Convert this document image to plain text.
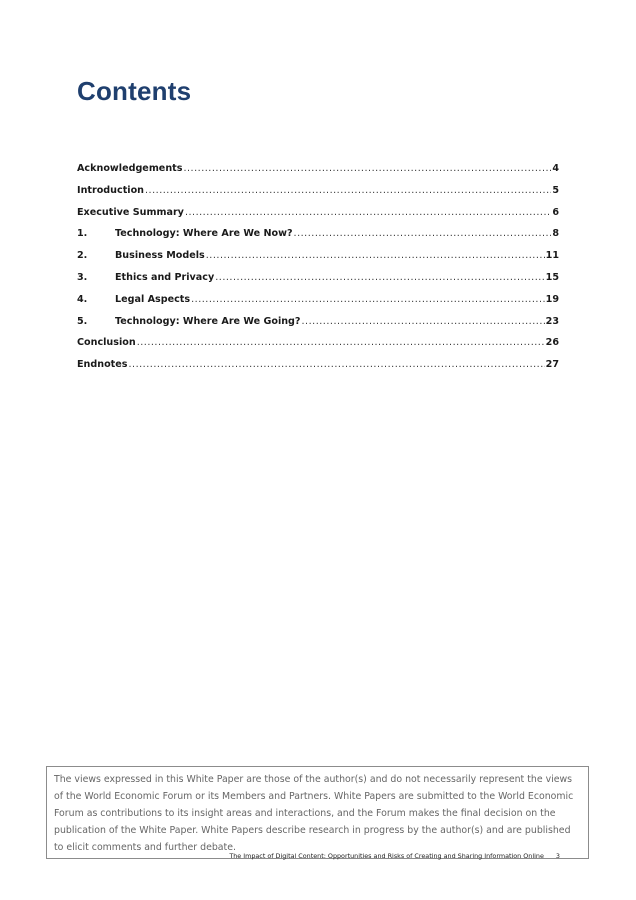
Contents
Acknowledgements .....	4
Introduction .....	5
Executive Summary .....	6
1.	Technology: Where Are We Now? .....	8
2.	Business Models .....	11
3.	Ethics and Privacy .....	15
4.	Legal Aspects .....	19
5.	Technology: Where Are We Going? .....	23
Conclusion .....	26
Endnotes .....	27
The views expressed in this White Paper are those of the author(s) and do not necessarily represent the views of the World Economic Forum or its Members and Partners. White Papers are submitted to the World Economic Forum as contributions to its insight areas and interactions, and the Forum makes the final decision on the publication of the White Paper. White Papers describe research in progress by the author(s) and are published to elicit comments and further debate.
The Impact of Digital Content: Opportunities and Risks of Creating and Sharing Information Online 3
